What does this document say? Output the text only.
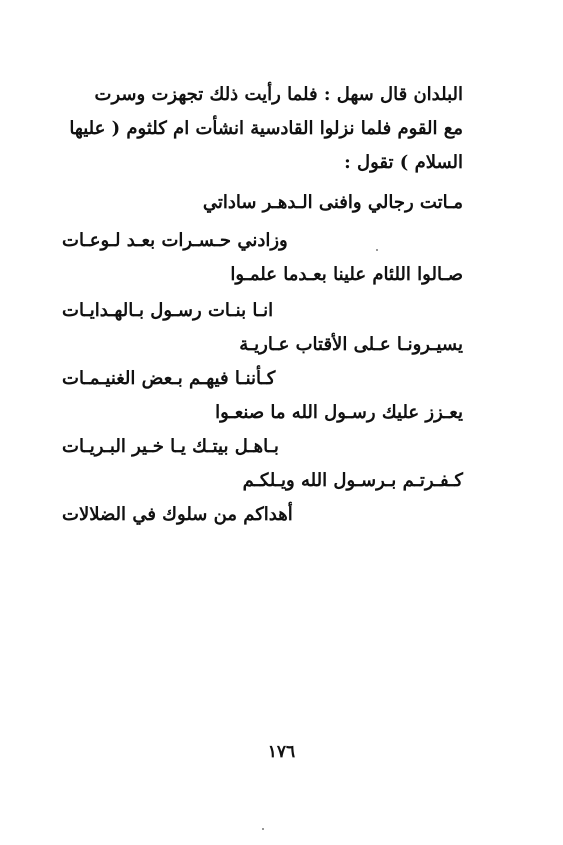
البلدان قال سهل : فلما رأيت ذلك تجهزت وسرت
مع القوم فلما نزلوا القادسية انشأت ام كلثوم ( عليها
السلام ) تقول :
مـاتت رجالي وافنى الـدهـر ساداتي
وزادني حـسـرات بعـد لـوعـات
صـالوا اللئام علينا بعـدما علمـوا
انـا بنـات رسـول بـالهـدايـات
يسيـرونـا عـلى الأقتاب عـاريـة
كـأننـا فيهـم بـعض الغنيـمـات
يعـزز عليك رسـول الله ما صنعـوا
بـاهـل بيتـك يـا خـير البـريـات
كـفـرتـم بـرسـول الله ويـلكـم
أهداكم من سلوك في الضلالات
١٧٦
